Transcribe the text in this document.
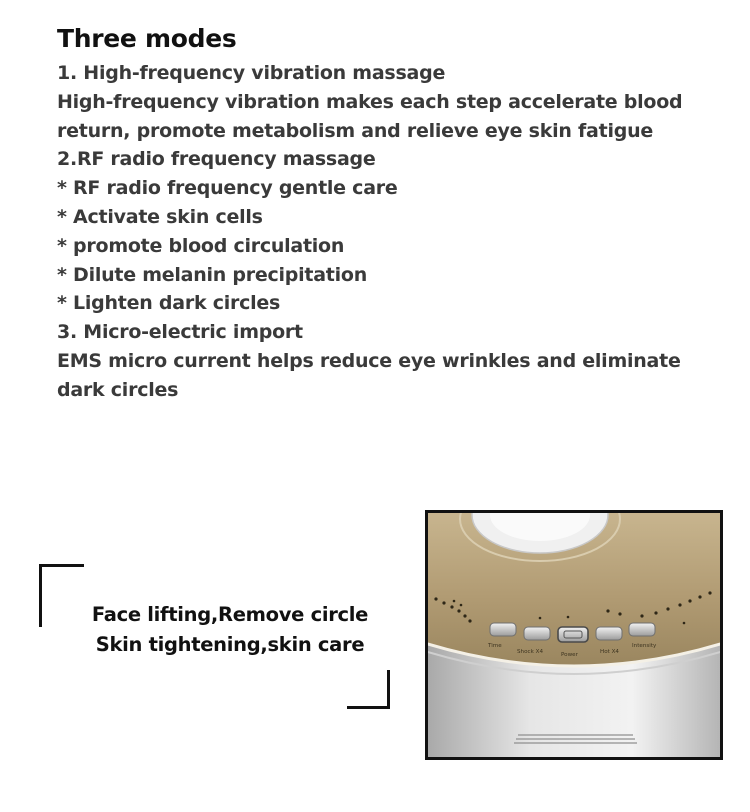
Three modes
1. High-frequency vibration massage
High-frequency vibration makes each step accelerate blood
return, promote metabolism and relieve eye skin fatigue
2.RF radio frequency massage
* RF radio frequency gentle care
* Activate skin cells
* promote blood circulation
* Dilute melanin precipitation
* Lighten dark circles
3. Micro-electric import
EMS micro current helps reduce eye wrinkles and eliminate
dark circles
Face lifting,Remove circle
Skin tightening,skin care	Time
Shock X4	Power	Hot X4
Intensity
